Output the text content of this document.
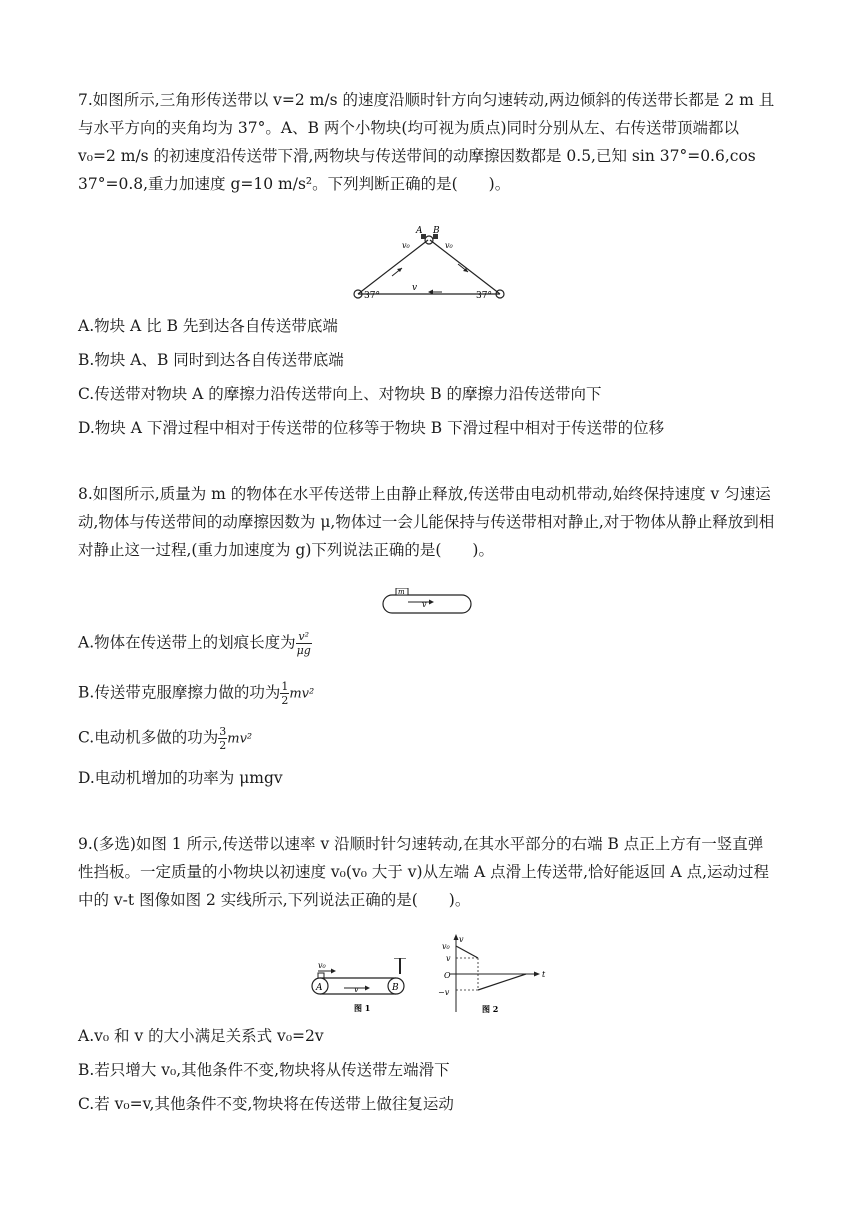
7.如图所示,三角形传送带以 v=2 m/s 的速度沿顺时针方向匀速转动,两边倾斜的传送带长都是 2 m 且与水平方向的夹角均为 37°。A、B 两个小物块(均可视为质点)同时分别从左、右传送带顶端都以 v₀=2 m/s 的初速度沿传送带下滑,两物块与传送带间的动摩擦因数都是 0.5,已知 sin 37°=0.6,cos 37°=0.8,重力加速度 g=10 m/s²。下列判断正确的是(　　)。
A B
v₀	v₀
37°	37°
v
A.物块 A 比 B 先到达各自传送带底端
B.物块 A、B 同时到达各自传送带底端
C.传送带对物块 A 的摩擦力沿传送带向上、对物块 B 的摩擦力沿传送带向下
D.物块 A 下滑过程中相对于传送带的位移等于物块 B 下滑过程中相对于传送带的位移
8.如图所示,质量为 m 的物体在水平传送带上由静止释放,传送带由电动机带动,始终保持速度 v 匀速运动,物体与传送带间的动摩擦因数为 μ,物体过一会儿能保持与传送带相对静止,对于物体从静止释放到相对静止这一过程,(重力加速度为 g)下列说法正确的是(　　)。
m
v
A.物体在传送带上的划痕长度为 $\frac{\text{v²}}{\mu g}$
B.传送带克服摩擦力做的功为 $\frac{1}{2} mv^2$
C.电动机多做的功为 $\frac{3}{2} mv^2$
D.电动机增加的功率为 μmgv
9.(多选)如图 1 所示,传送带以速率 v 沿顺时针匀速转动,在其水平部分的右端 B 点正上方有一竖直弹性挡板。一定质量的小物块以初速度 v₀(v₀ 大于 v)从左端 A 点滑上传送带,恰好能返回 A 点,运动过程中的 v-t 图像如图 2 实线所示,下列说法正确的是(　　)。
v₀
A	B
v
图 1
v
v₀
v
O
−v
t
图 2
A.v₀ 和 v 的大小满足关系式 v₀=2v
B.若只增大 v₀,其他条件不变,物块将从传送带左端滑下
C.若 v₀=v,其他条件不变,物块将在传送带上做往复运动
